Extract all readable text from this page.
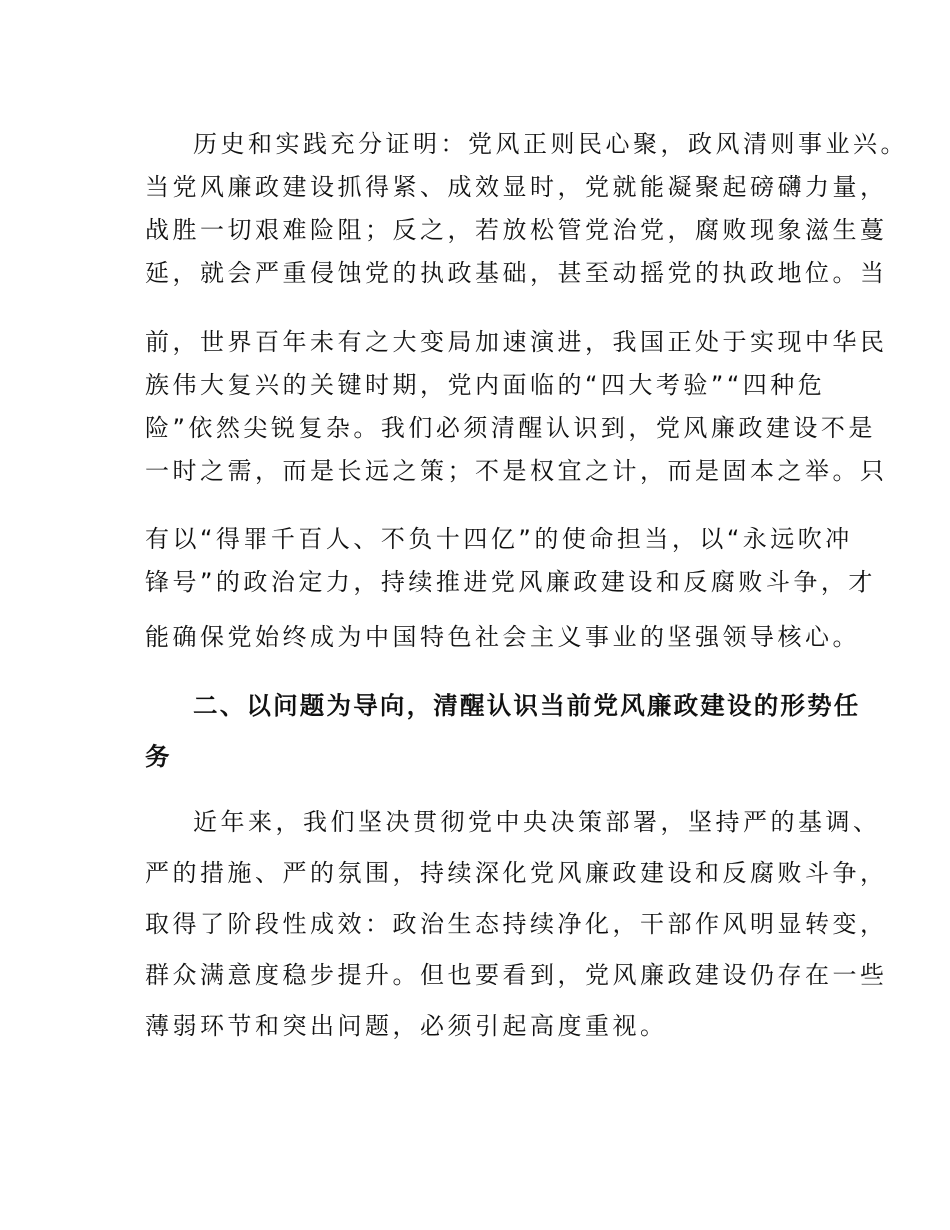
历史和实践充分证明：党风正则民心聚，政风清则事业兴。
当党风廉政建设抓得紧、成效显时，党就能凝聚起磅礴力量，
战胜一切艰难险阻；反之，若放松管党治党，腐败现象滋生蔓
延，就会严重侵蚀党的执政基础，甚至动摇党的执政地位。当
前，世界百年未有之大变局加速演进，我国正处于实现中华民
族伟大复兴的关键时期，党内面临的“四大考验”“四种危
险”依然尖锐复杂。我们必须清醒认识到，党风廉政建设不是
一时之需，而是长远之策；不是权宜之计，而是固本之举。只
有以“得罪千百人、不负十四亿”的使命担当，以“永远吹冲
锋号”的政治定力，持续推进党风廉政建设和反腐败斗争，才
能确保党始终成为中国特色社会主义事业的坚强领导核心。
二、以问题为导向，清醒认识当前党风廉政建设的形势任
务
近年来，我们坚决贯彻党中央决策部署，坚持严的基调、
严的措施、严的氛围，持续深化党风廉政建设和反腐败斗争，
取得了阶段性成效：政治生态持续净化，干部作风明显转变，
群众满意度稳步提升。但也要看到，党风廉政建设仍存在一些
薄弱环节和突出问题，必须引起高度重视。
